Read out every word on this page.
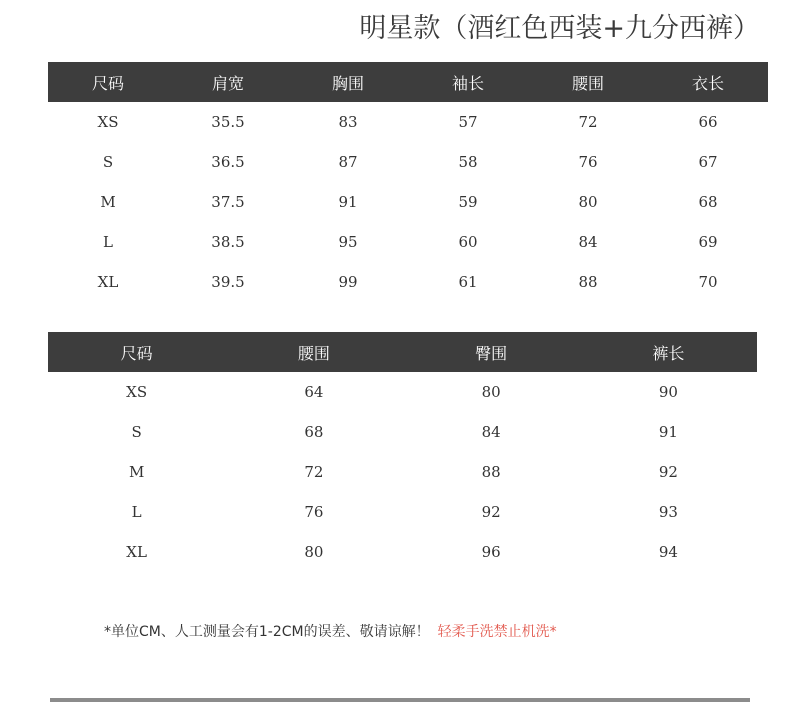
明星款（酒红色西装+九分西裤）
尺码	肩宽	胸围	袖长	腰围	衣长
XS	35.5	83	57	72	66
S	36.5	87	58	76	67
M	37.5	91	59	80	68
L	38.5	95	60	84	69
XL	39.5	99	61	88	70
尺码	腰围	臀围	裤长
XS	64	80	90
S	68	84	91
M	72	88	92
L	76	92	93
XL	80	96	94
*单位CM、人工测量会有1-2CM的误差、敬请谅解！ 轻柔手洗禁止机洗*
